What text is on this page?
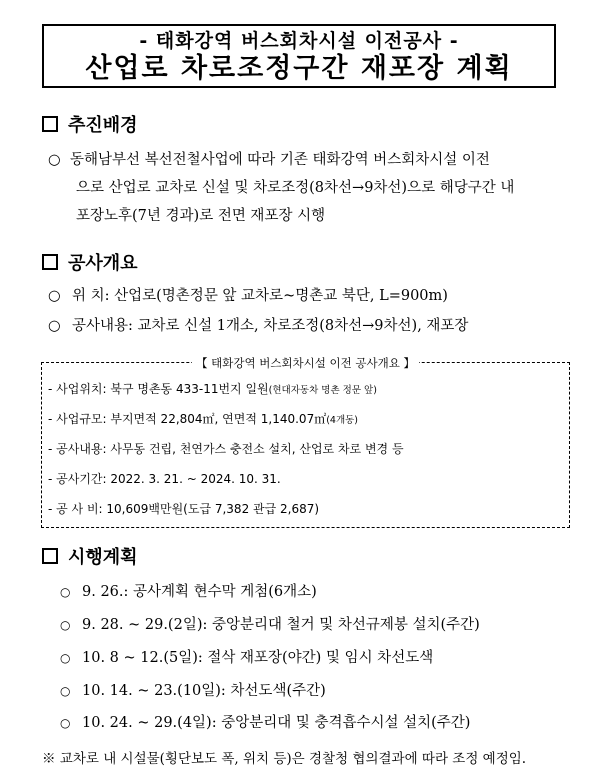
- 태화강역 버스회차시설 이전공사 -
산업로 차로조정구간 재포장 계획
추진배경
○ 동해남부선 복선전철사업에 따라 기존 태화강역 버스회차시설 이전
으로 산업로 교차로 신설 및 차로조정(8차선→9차선)으로 해당구간 내
포장노후(7년 경과)로 전면 재포장 시행
공사개요
○ 위 치: 산업로(명촌정문 앞 교차로~명촌교 북단, L=900m)
○ 공사내용: 교차로 신설 1개소, 차로조정(8차선→9차선), 재포장
【 태화강역 버스회차시설 이전 공사개요 】
- 사업위치: 북구 명촌동 433-11번지 일원(현대자동차 명촌 정문 앞)
- 사업규모: 부지면적 22,804㎡, 연면적 1,140.07㎡(4개동)
- 공사내용: 사무동 건립, 천연가스 충전소 설치, 산업로 차로 변경 등
- 공사기간: 2022. 3. 21. ~ 2024. 10. 31.
- 공 사 비: 10,609백만원(도급 7,382 관급 2,687)
시행계획
○ 9. 26.: 공사계획 현수막 게첨(6개소)
○ 9. 28. ~ 29.(2일): 중앙분리대 철거 및 차선규제봉 설치(주간)
○ 10. 8 ~ 12.(5일): 절삭 재포장(야간) 및 임시 차선도색
○ 10. 14. ~ 23.(10일): 차선도색(주간)
○ 10. 24. ~ 29.(4일): 중앙분리대 및 충격흡수시설 설치(주간)
※ 교차로 내 시설물(횡단보도 폭, 위치 등)은 경찰청 협의결과에 따라 조정 예정임.
